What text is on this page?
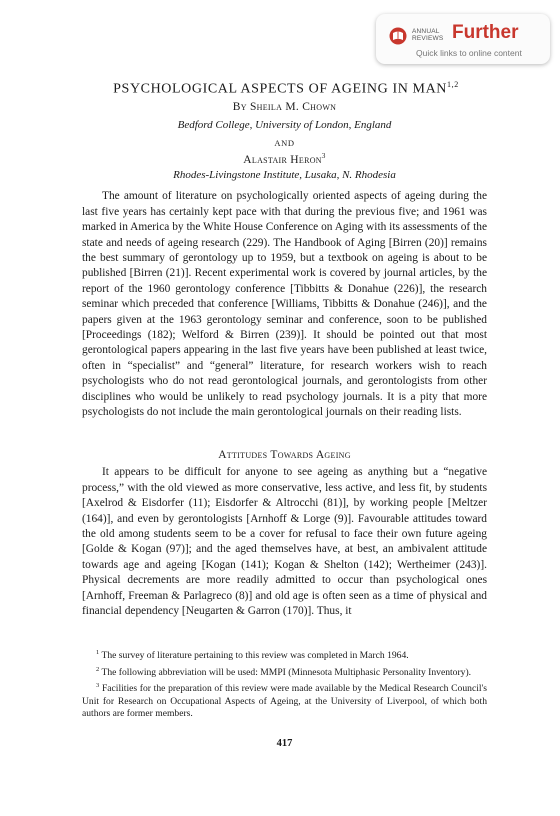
ANNUAL
REVIEWS Further
Quick links to online content
PSYCHOLOGICAL ASPECTS OF AGEING IN MAN$^{1,2}$
By Sheila M. Chown
Bedford College, University of London, England
AND
Alastair Heron$^3$
Rhodes-Livingstone Institute, Lusaka, N. Rhodesia

The amount of literature on psychologically oriented aspects of ageing during the last five years has certainly kept pace with that during the previous five; and 1961 was marked in America by the White House Conference on Aging with its assessments of the state and needs of ageing research (229). The Handbook of Aging [Birren (20)] remains the best summary of gerontology up to 1959, but a textbook on ageing is about to be published [Birren (21)]. Recent experimental work is covered by journal articles, by the report of the 1960 gerontology conference [Tibbitts & Donahue (226)], the research seminar which preceded that conference [Williams, Tibbitts & Donahue (246)], and the papers given at the 1963 gerontology seminar and conference, soon to be published [Proceedings (182); Welford & Birren (239)]. It should be pointed out that most gerontological papers appearing in the last five years have been published at least twice, often in “specialist” and “general” literature, for research workers wish to reach psychologists who do not read gerontological journals, and gerontologists from other disciplines who would be unlikely to read psychology journals. It is a pity that more psychologists do not include the main gerontological journals on their reading lists.

Attitudes Towards Ageing

It appears to be difficult for anyone to see ageing as anything but a “negative process,” with the old viewed as more conservative, less active, and less fit, by students [Axelrod & Eisdorfer (11); Eisdorfer & Altrocchi (81)], by working people [Meltzer (164)], and even by gerontologists [Arnhoff & Lorge (9)]. Favourable attitudes toward the old among students seem to be a cover for refusal to face their own future ageing [Golde & Kogan (97)]; and the aged themselves have, at best, an ambivalent attitude towards age and ageing [Kogan (141); Kogan & Shelton (142); Wertheimer (243)]. Physical decrements are more readily admitted to occur than psychological ones [Arnhoff, Freeman & Parlagreco (8)] and old age is often seen as a time of physical and financial dependency [Neugarten & Garron (170)]. Thus, it

$^1$ The survey of literature pertaining to this review was completed in March 1964.

$^2$ The following abbreviation will be used: MMPI (Minnesota Multiphasic Personality Inventory).

$^3$ Facilities for the preparation of this review were made available by the Medical Research Council's Unit for Research on Occupational Aspects of Ageing, at the University of Liverpool, of which both authors are former members.

417
